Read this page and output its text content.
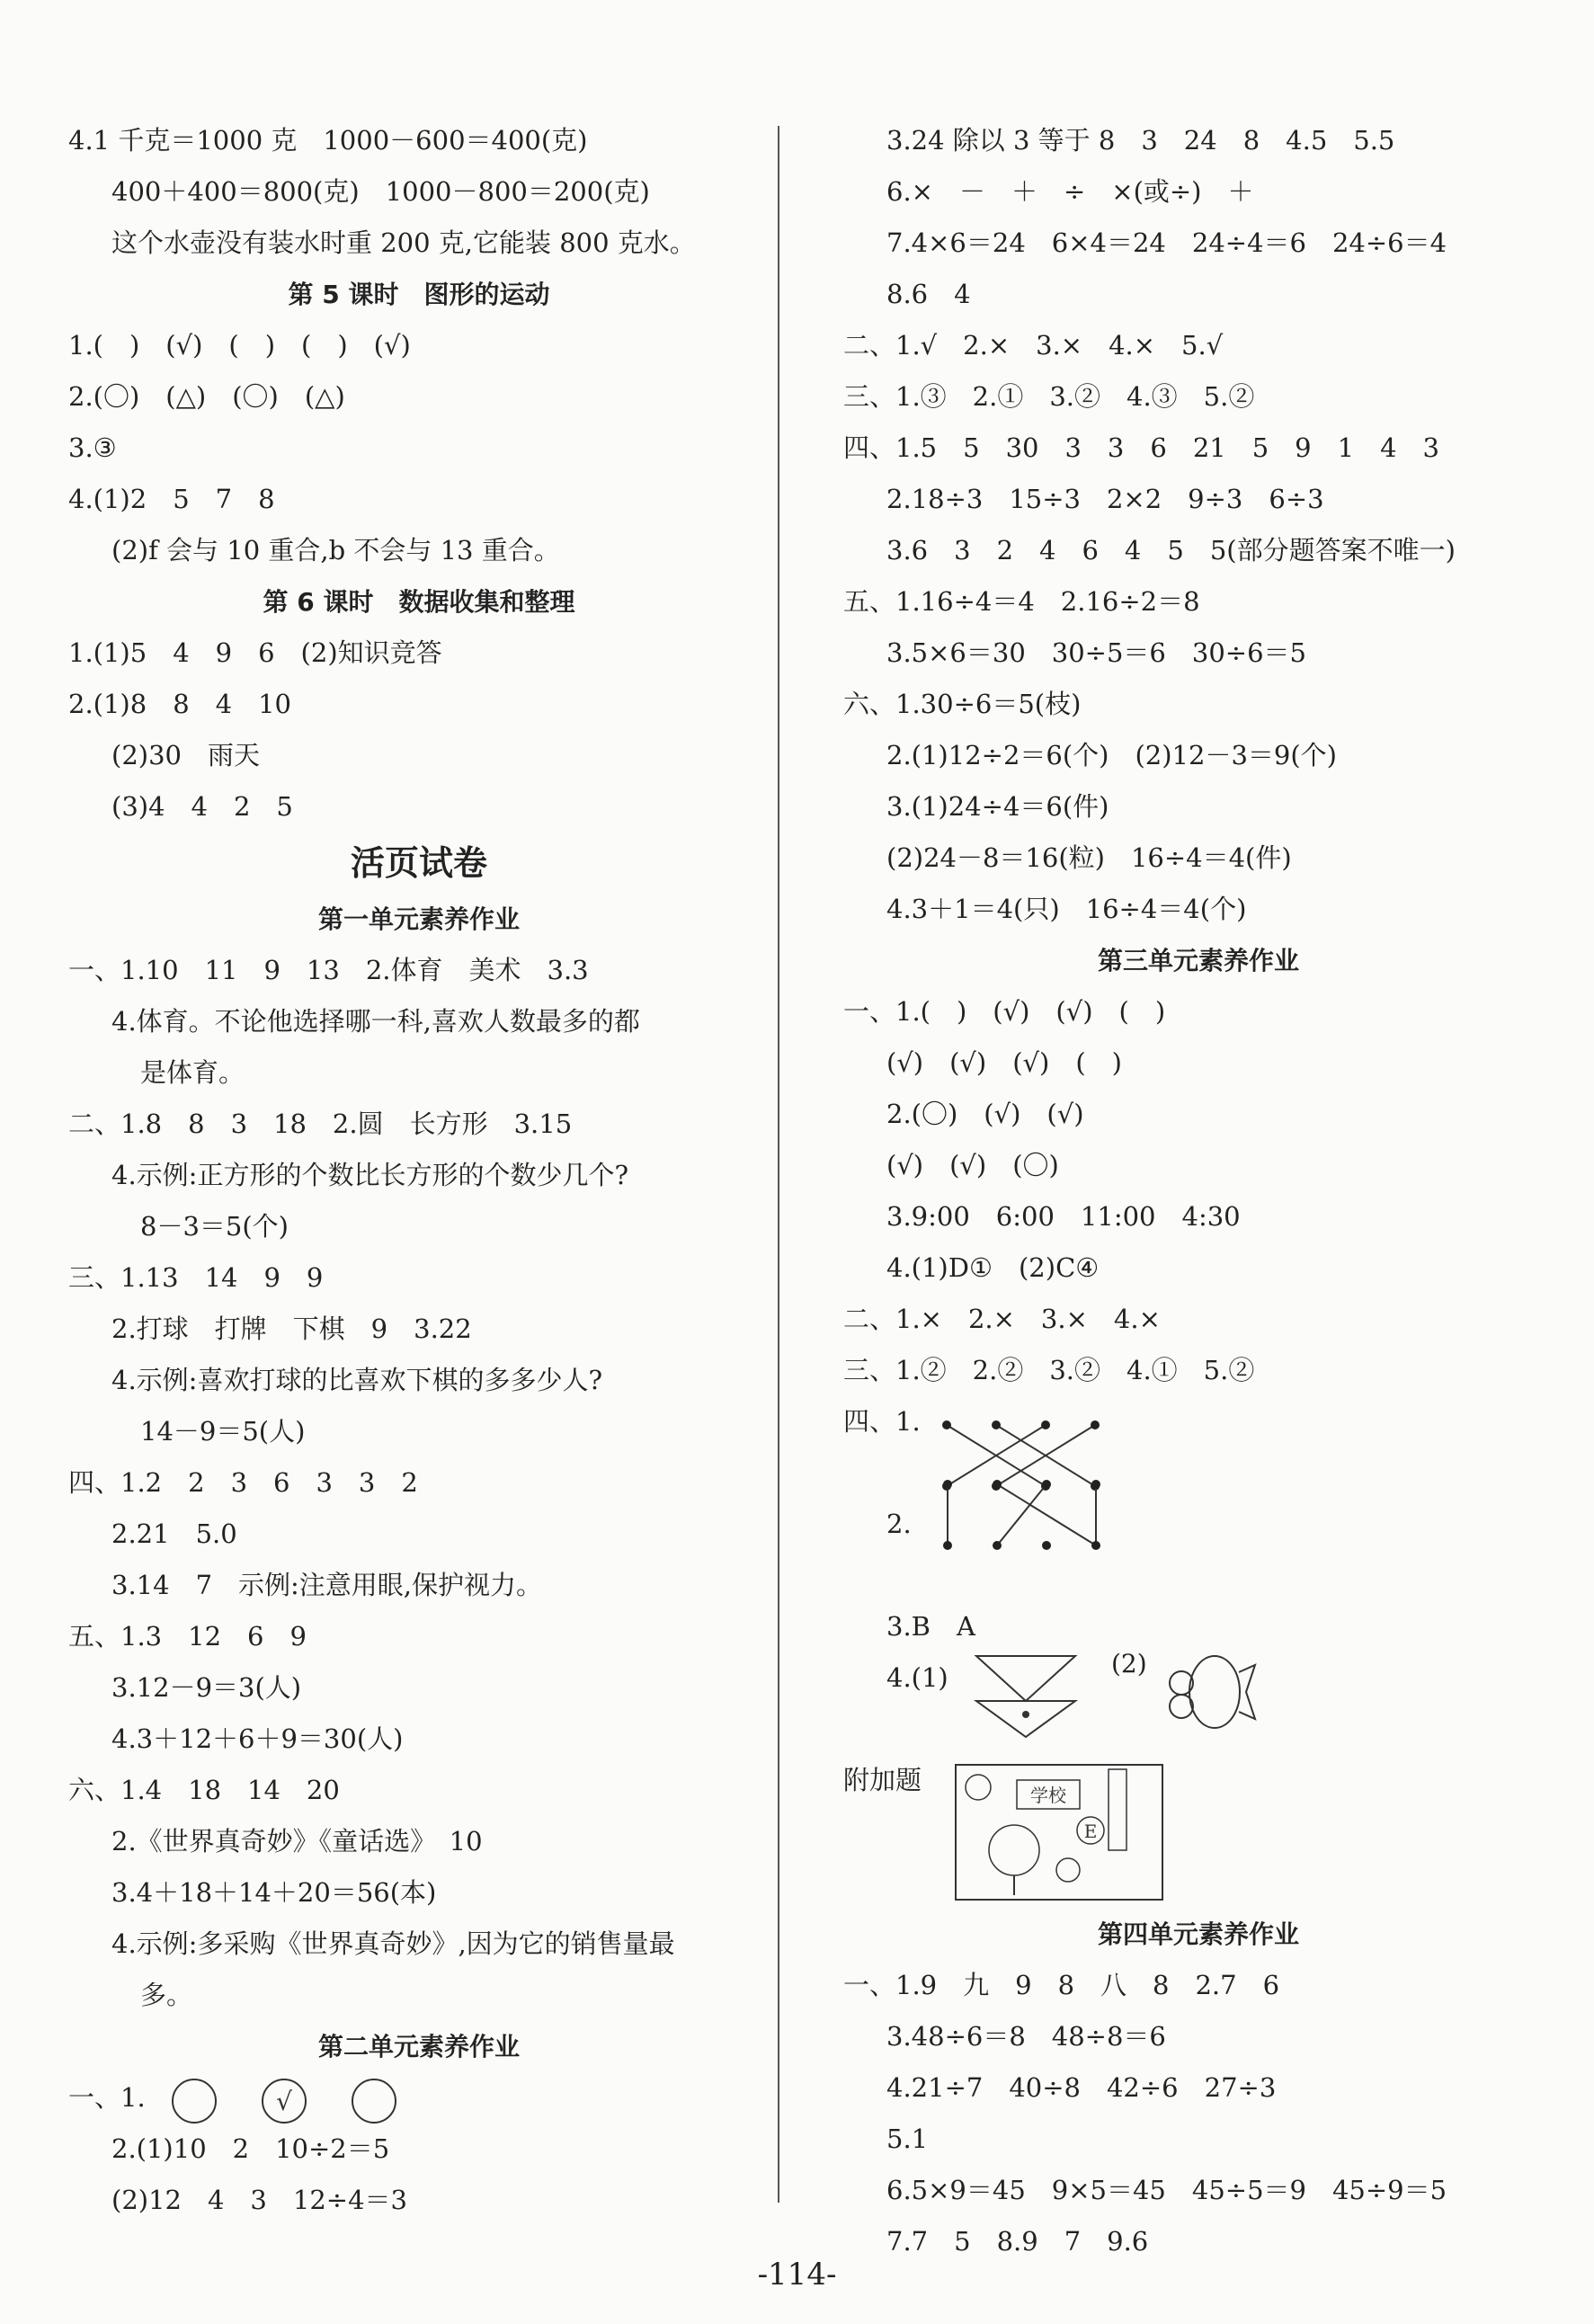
4.1 千克＝1000 克　1000－600＝400(克)
400＋400＝800(克)　1000－800＝200(克)
这个水壶没有装水时重 200 克,它能装 800 克水。
第 5 课时　图形的运动
1.(　)　(√)　(　)　(　)　(√)
2.(〇)　(△)　(〇)　(△)
3.③
4.(1)2　5　7　8
(2)f 会与 10 重合,b 不会与 13 重合。
第 6 课时　数据收集和整理
1.(1)5　4　9　6　(2)知识竞答
2.(1)8　8　4　10
(2)30　雨天
(3)4　4　2　5
活页试卷
第一单元素养作业
一、1.10　11　9　13　2.体育　美术　3.3
4.体育。不论他选择哪一科,喜欢人数最多的都
是体育。
二、1.8　8　3　18　2.圆　长方形　3.15
4.示例:正方形的个数比长方形的个数少几个?
8－3＝5(个)
三、1.13　14　9　9
2.打球　打牌　下棋　9　3.22
4.示例:喜欢打球的比喜欢下棋的多多少人?
14－9＝5(人)
四、1.2　2　3　6　3　3　2
2.21　5.0
3.14　7　示例:注意用眼,保护视力。
五、1.3　12　6　9
3.12－9＝3(人)
4.3＋12＋6＋9＝30(人)
六、1.4　18　14　20
2.《世界真奇妙》《童话选》　10
3.4＋18＋14＋20＝56(本)
4.示例:多采购《世界真奇妙》,因为它的销售量最
多。
第二单元素养作业
一、1.	√
2.(1)10　2　10÷2＝5
(2)12　4　3　12÷4＝3
3.24 除以 3 等于 8　3　24　8　4.5　5.5
6.×　－　＋　÷　×(或÷)　＋
7.4×6＝24　6×4＝24　24÷4＝6　24÷6＝4
8.6　4
二、1.√　2.×　3.×　4.×　5.√
三、1.③　2.①　3.②　4.③　5.②
四、1.5　5　30　3　3　6　21　5　9　1　4　3
2.18÷3　15÷3　2×2　9÷3　6÷3
3.6　3　2　4　6　4　5　5(部分题答案不唯一)
五、1.16÷4＝4　2.16÷2＝8
3.5×6＝30　30÷5＝6　30÷6＝5
六、1.30÷6＝5(枝)
2.(1)12÷2＝6(个)　(2)12－3＝9(个)
3.(1)24÷4＝6(件)
(2)24－8＝16(粒)　16÷4＝4(件)
4.3＋1＝4(只)　16÷4＝4(个)
第三单元素养作业
一、1.(　)　(√)　(√)　(　)
(√)　(√)　(√)　(　)
2.(〇)　(√)　(√)
(√)　(√)　(〇)
3.9:00　6:00　11:00　4:30
4.(1)D①　(2)C④
二、1.×　2.×　3.×　4.×
三、1.②　2.②　3.②　4.①　5.②
四、1.
2.
3.B　A
4.(1)	(2)
附加题	学校
E
第四单元素养作业
一、1.9　九　9　8　八　8　2.7　6
3.48÷6＝8　48÷8＝6
4.21÷7　40÷8　42÷6　27÷3
5.1
6.5×9＝45　9×5＝45　45÷5＝9　45÷9＝5
7.7　5　8.9　7　9.6
-114-
